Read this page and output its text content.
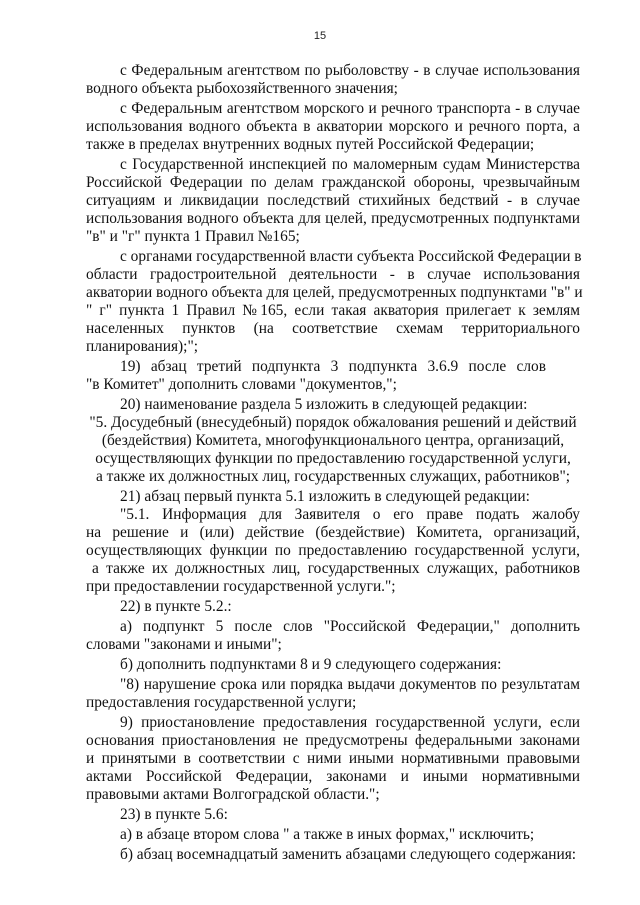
15
с Федеральным агентством по рыболовству - в случае использования
водного объекта рыбохозяйственного значения;
с Федеральным агентством морского и речного транспорта - в случае
использования водного объекта в акватории морского и речного порта, а
также в пределах внутренних водных путей Российской Федерации;
с Государственной инспекцией по маломерным судам Министерства
Российской Федерации по делам гражданской обороны, чрезвычайным
ситуациям и ликвидации последствий стихийных бедствий - в случае
использования водного объекта для целей, предусмотренных подпунктами
"в" и "г" пункта 1 Правил №165;
с органами государственной власти субъекта Российской Федерации в
области градостроительной деятельности - в случае использования
акватории водного объекта для целей, предусмотренных подпунктами "в" и
" г" пункта 1 Правил №165, если такая акватория прилегает к землям
населенных пунктов (на соответствие схемам территориального
планирования);";
19) абзац третий подпункта 3 подпункта 3.6.9 после слов
"в Комитет" дополнить словами "документов,";
20) наименование раздела 5 изложить в следующей редакции:
"5. Досудебный (внесудебный) порядок обжалования решений и действий
(бездействия) Комитета, многофункционального центра, организаций,
осуществляющих функции по предоставлению государственной услуги,
а также их должностных лиц, государственных служащих, работников";
21) абзац первый пункта 5.1 изложить в следующей редакции:
"5.1. Информация для Заявителя о его праве подать жалобу
на решение и (или) действие (бездействие) Комитета, организаций,
осуществляющих функции по предоставлению государственной услуги,
а также их должностных лиц, государственных служащих, работников
при предоставлении государственной услуги.";
22) в пункте 5.2.:
а) подпункт 5 после слов "Российской Федерации," дополнить
словами "законами и иными";
б) дополнить подпунктами 8 и 9 следующего содержания:
"8) нарушение срока или порядка выдачи документов по результатам
предоставления государственной услуги;
9) приостановление предоставления государственной услуги, если
основания приостановления не предусмотрены федеральными законами
и принятыми в соответствии с ними иными нормативными правовыми
актами Российской Федерации, законами и иными нормативными
правовыми актами Волгоградской области.";
23) в пункте 5.6:
а) в абзаце втором слова " а также в иных формах," исключить;
б) абзац восемнадцатый заменить абзацами следующего содержания:
